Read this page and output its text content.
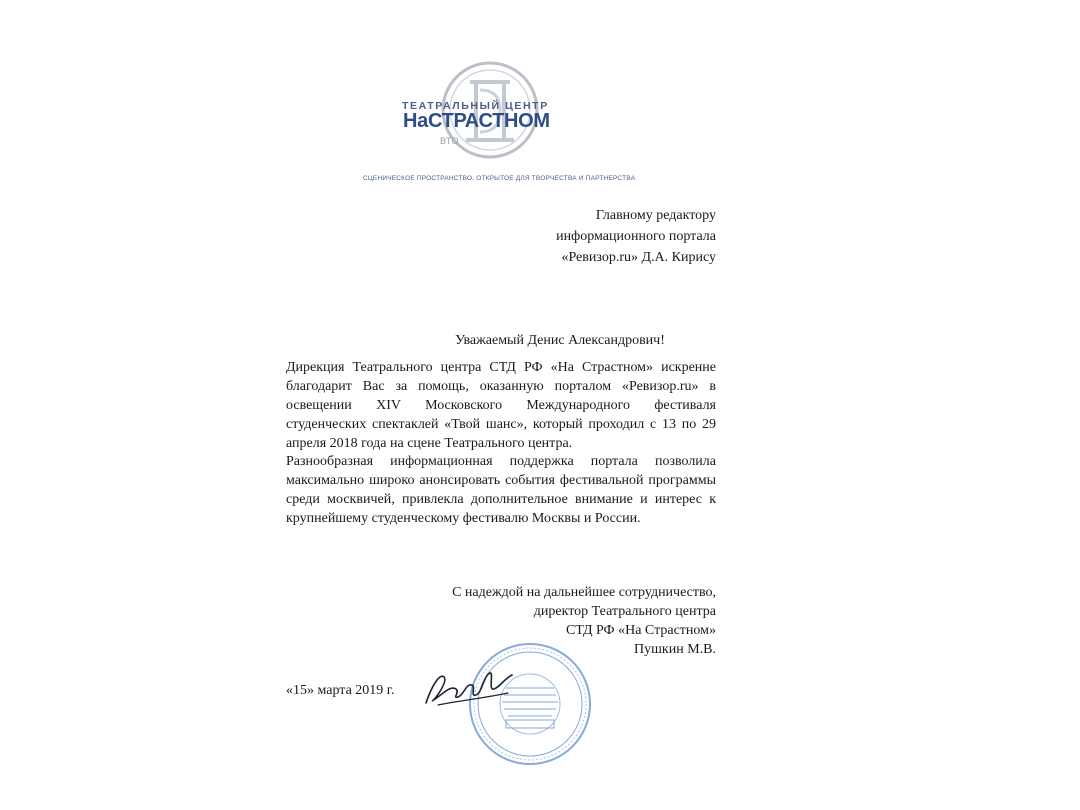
ТЕАТРАЛЬНЫЙ ЦЕНТР
НаСТРАСТНОМ
ВТО
СЦЕНИЧЕСКОЕ ПРОСТРАНСТВО, ОТКРЫТОЕ ДЛЯ ТВОРЧЕСТВА И ПАРТНЕРСТВА
Главному редактору
информационного портала
«Ревизор.ru» Д.А. Кирису
Уважаемый Денис Александрович!
Дирекция Театрального центра СТД РФ «На Страстном» искренне благодарит Вас за помощь, оказанную порталом «Ревизор.ru» в освещении XIV Московского Международного фестиваля студенческих спектаклей «Твой шанс», который проходил с 13 по 29 апреля 2018 года на сцене Театрального центра.
Разнообразная информационная поддержка портала позволила максимально широко анонсировать события фестивальной программы среди москвичей, привлекла дополнительное внимание и интерес к крупнейшему студенческому фестивалю Москвы и России.
С надеждой на дальнейшее сотрудничество,
директор Театрального центра
СТД РФ «На Страстном»
Пушкин М.В.
«15» марта 2019 г.
